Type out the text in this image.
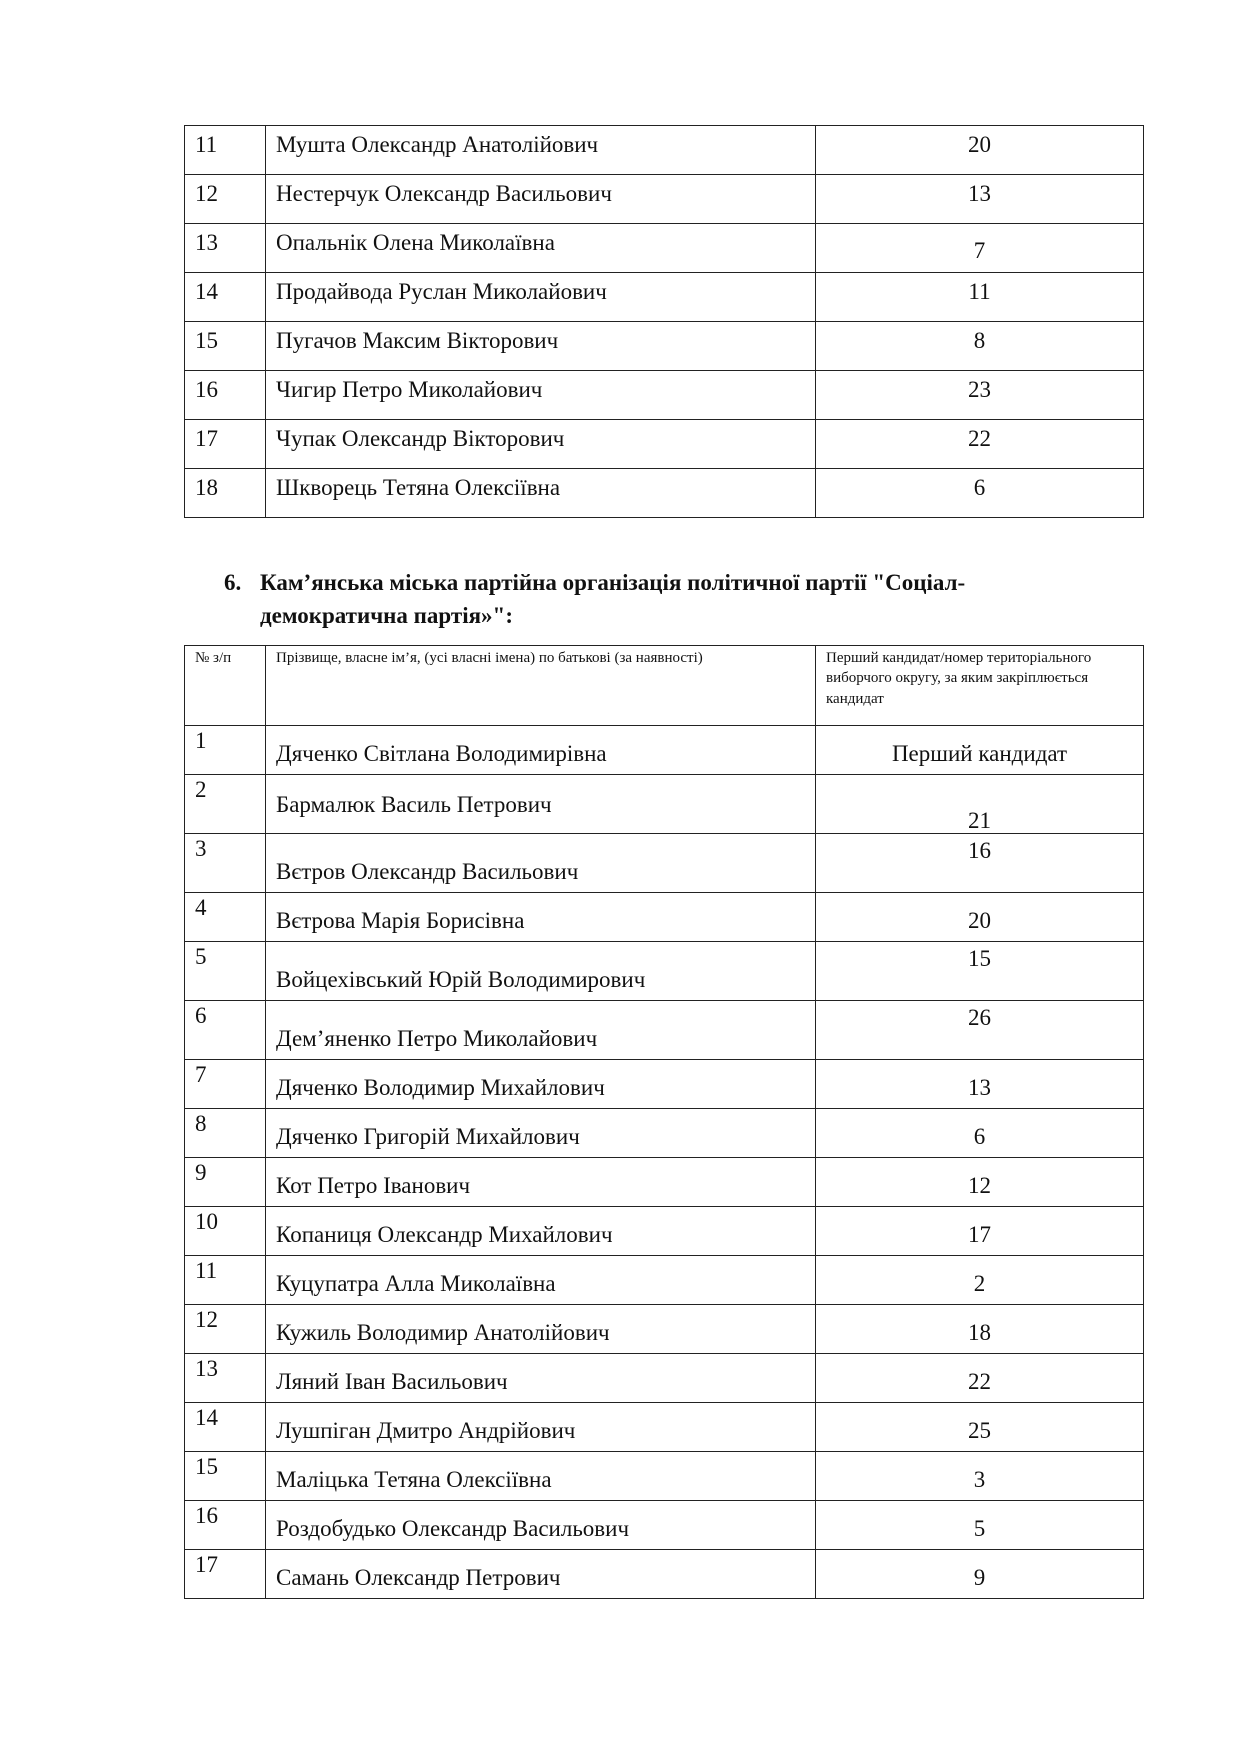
11	Мушта Олександр Анатолійович	20
12	Нестерчук Олександр Васильович	13
13	Опальнік Олена Миколаївна	7
14	Продайвода Руслан Миколайович	11
15	Пугачов Максим Вікторович	8
16	Чигир Петро Миколайович	23
17	Чупак Олександр Вікторович	22
18	Шкворець Тетяна Олексіївна	6
6. Кам’янська міська партійна організація політичної партії "Соціал-
демократична партія»":
№ з/п	Прізвище, власне ім’я, (усі власні імена) по батькові (за наявності)	Перший кандидат/номер територіального виборчого округу, за яким закріплюється кандидат
1	Дяченко Світлана Володимирівна	Перший кандидат
2	Бармалюк Василь Петрович	21
3	Вєтров Олександр Васильович	16
4	Вєтрова Марія Борисівна	20
5	Войцехівський Юрій Володимирович	15
6	Дем’яненко Петро Миколайович	26
7	Дяченко Володимир Михайлович	13
8	Дяченко Григорій Михайлович	6
9	Кот Петро Іванович	12
10	Копаниця Олександр Михайлович	17
11	Куцупатра Алла Миколаївна	2
12	Кужиль Володимир Анатолійович	18
13	Ляний Іван Васильович	22
14	Лушпіган Дмитро Андрійович	25
15	Маліцька Тетяна Олексіївна	3
16	Роздобудько Олександр Васильович	5
17	Самань Олександр Петрович	9
